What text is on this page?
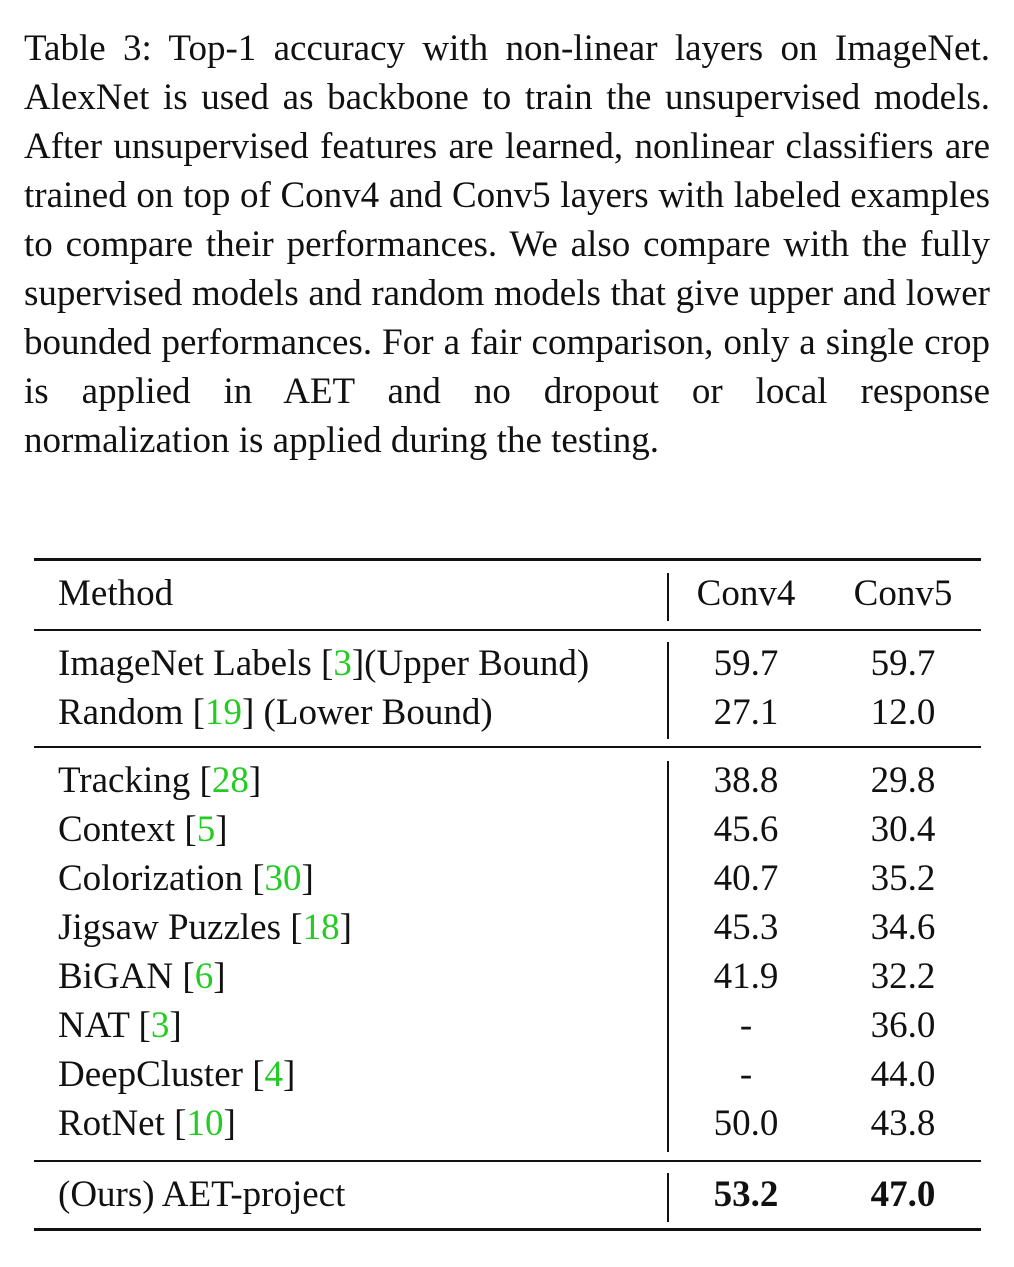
Table 3: Top-1 accuracy with non-linear layers on ImageNet. AlexNet is used as backbone to train the unsupervised models. After unsupervised features are learned, nonlinear classifiers are trained on top of Conv4 and Conv5 layers with labeled examples to compare their performances. We also compare with the fully supervised models and random models that give upper and lower bounded performances. For a fair comparison, only a single crop is applied in AET and no dropout or local response normalization is applied during the testing.
Method	Conv4	Conv5
ImageNet Labels [3](Upper Bound)	59.7	59.7
Random [19] (Lower Bound)	27.1	12.0
Tracking [28]	38.8	29.8
Context [5]	45.6	30.4
Colorization [30]	40.7	35.2
Jigsaw Puzzles [18]	45.3	34.6
BiGAN [6]	41.9	32.2
NAT [3]	-	36.0
DeepCluster [4]	-	44.0
RotNet [10]	50.0	43.8
(Ours) AET-project	53.2	47.0
